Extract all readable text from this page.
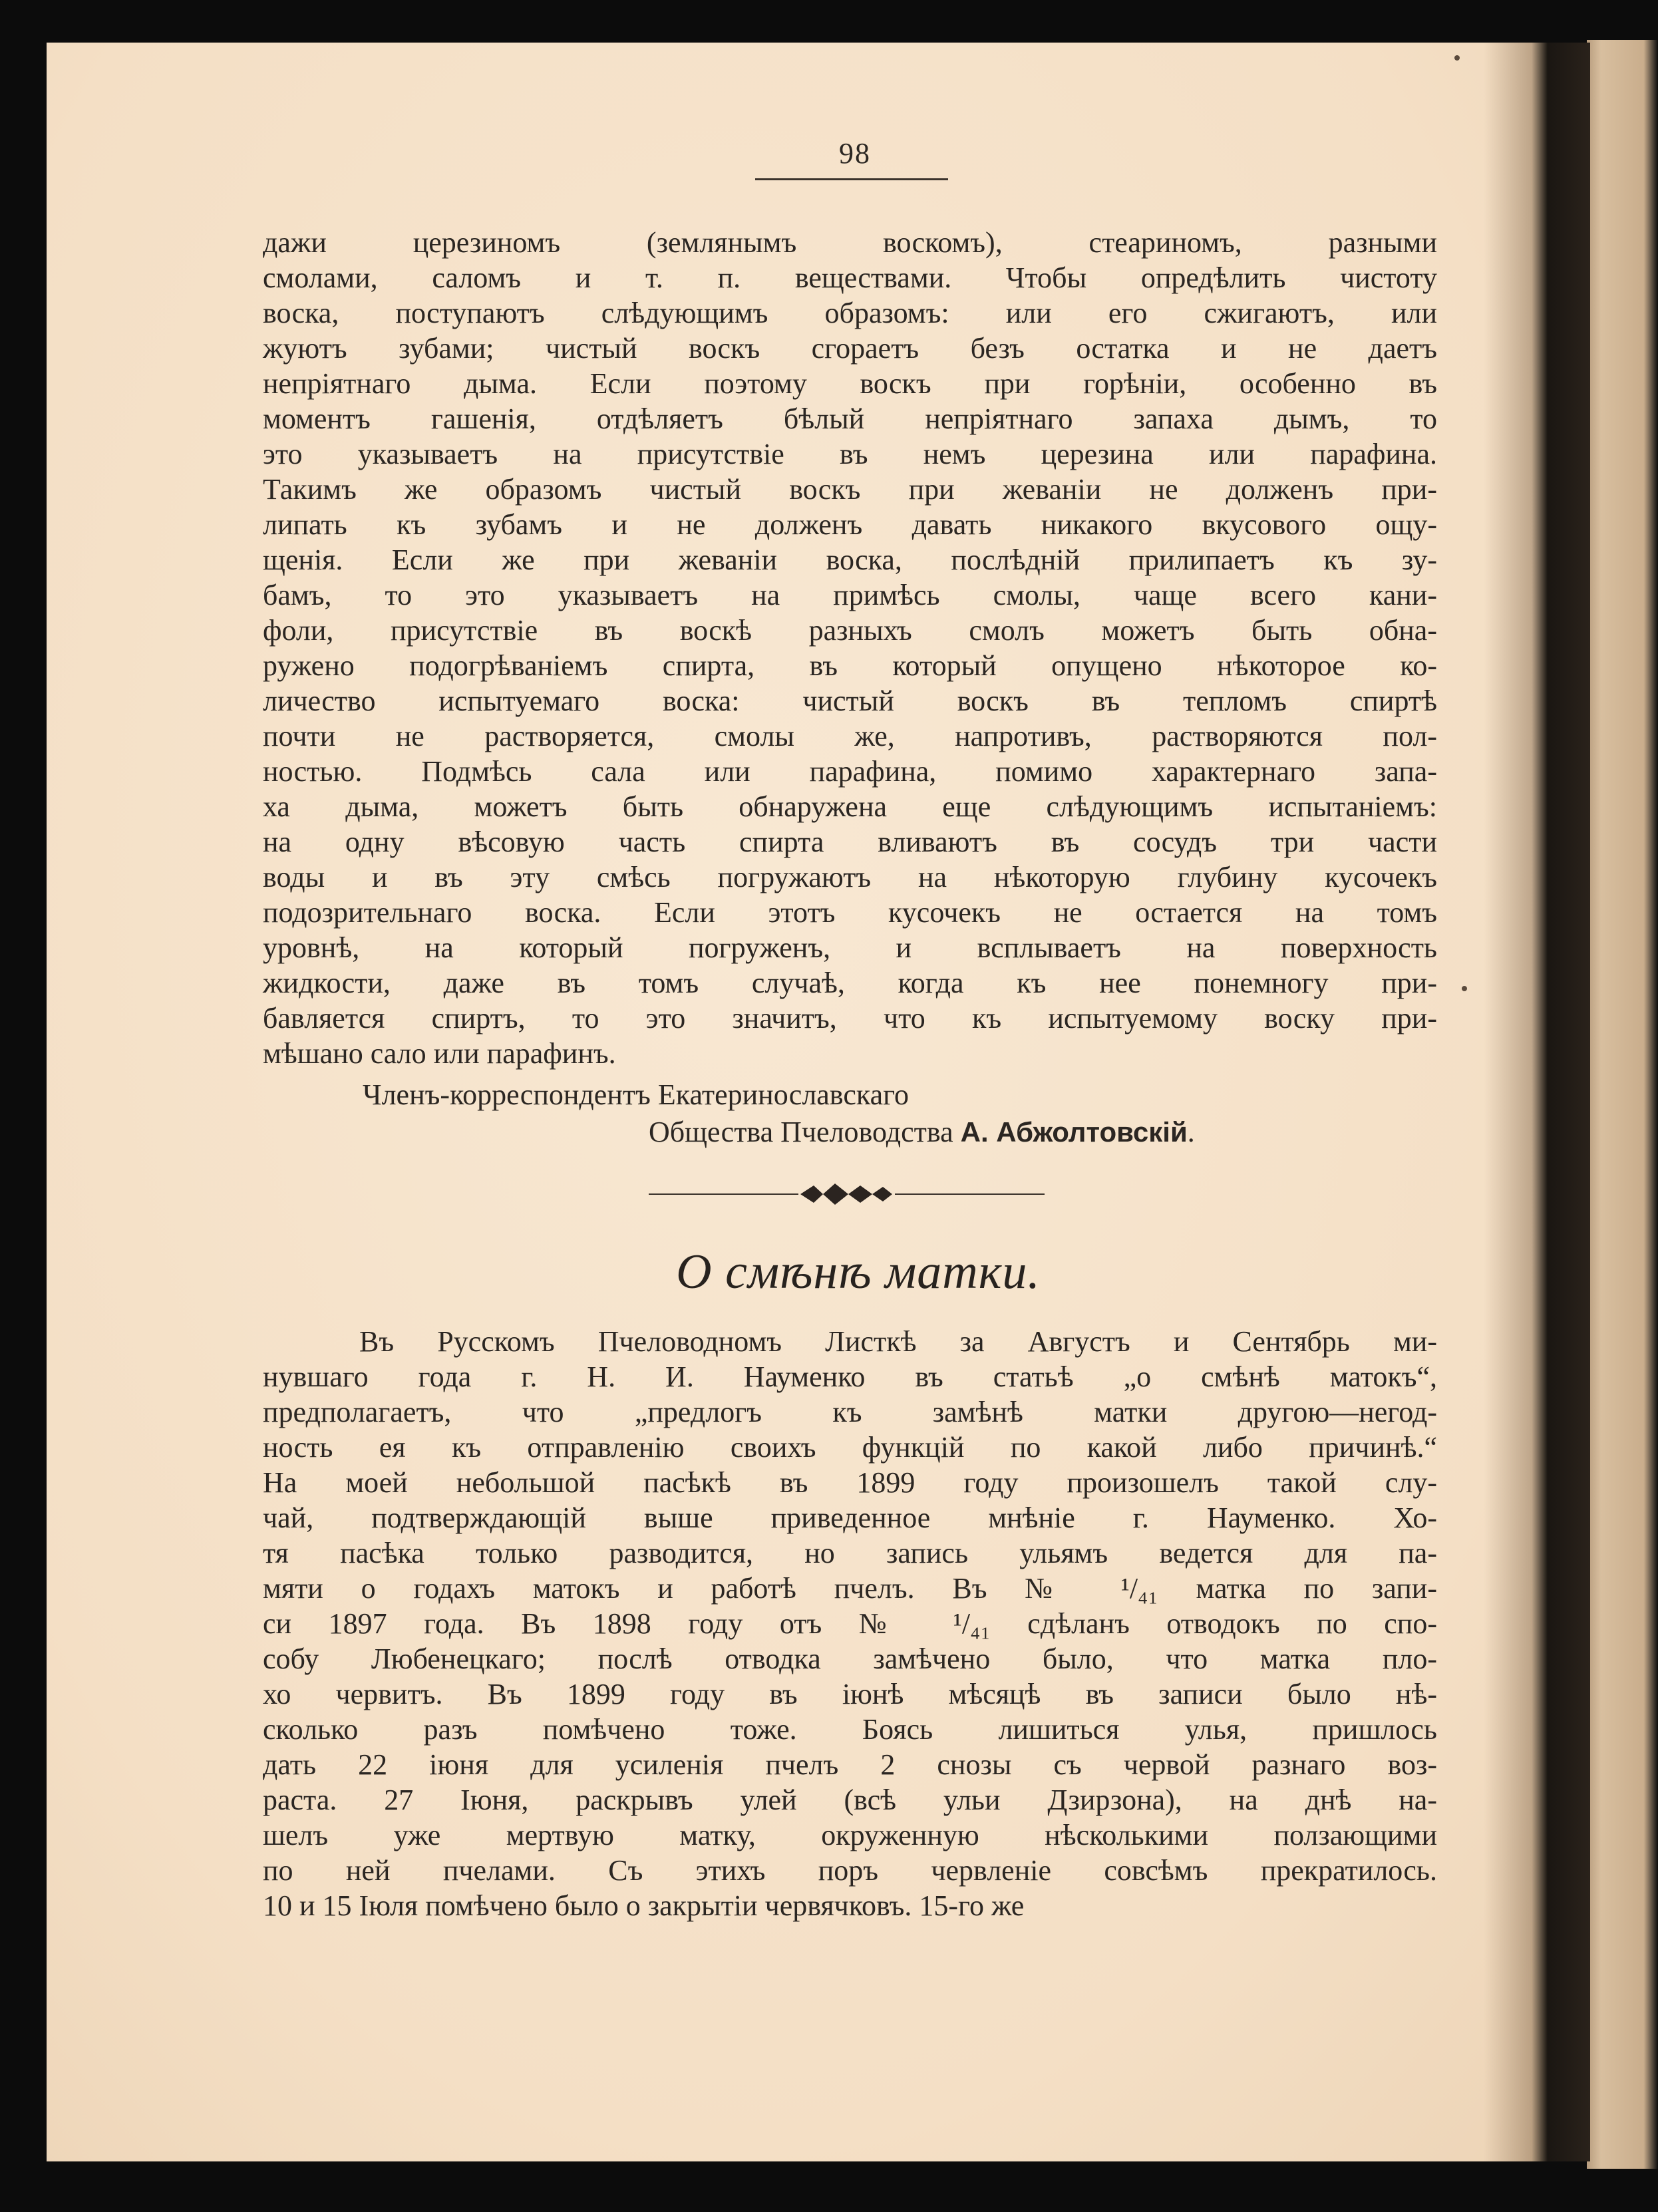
98
дажи церезиномъ (землянымъ воскомъ), стеариномъ, разными
смолами, саломъ и т. п. веществами. Чтобы опредѣлить чистоту
воска, поступаютъ слѣдующимъ образомъ: или его сжигаютъ, или
жуютъ зубами; чистый воскъ сгораетъ безъ остатка и не даетъ
непріятнаго дыма. Если поэтому воскъ при горѣніи, особенно въ
моментъ гашенія, отдѣляетъ бѣлый непріятнаго запаха дымъ, то
это указываетъ на присутствіе въ немъ церезина или парафина.
Такимъ же образомъ чистый воскъ при жеваніи не долженъ при-
липать къ зубамъ и не долженъ давать никакого вкусового ощу-
щенія. Если же при жеваніи воска, послѣдній прилипаетъ къ зу-
бамъ, то это указываетъ на примѣсь смолы, чаще всего кани-
фоли, присутствіе въ воскѣ разныхъ смолъ можетъ быть обна-
ружено подогрѣваніемъ спирта, въ который опущено нѣкоторое ко-
личество испытуемаго воска: чистый воскъ въ тепломъ спиртѣ
почти не растворяется, смолы же, напротивъ, растворяются пол-
ностью. Подмѣсь сала или парафина, помимо характернаго запа-
ха дыма, можетъ быть обнаружена еще слѣдующимъ испытаніемъ:
на одну вѣсовую часть спирта вливаютъ въ сосудъ три части
воды и въ эту смѣсь погружаютъ на нѣкоторую глубину кусочекъ
подозрительнаго воска. Если этотъ кусочекъ не остается на томъ
уровнѣ, на который погруженъ, и всплываетъ на поверхность
жидкости, даже въ томъ случаѣ, когда къ нее понемногу при-
бавляется спиртъ, то это значитъ, что къ испытуемому воску при-
мѣшано сало или парафинъ.
Членъ-корреспондентъ Екатеринославскаго
Общества Пчеловодства А. Абжолтовскій.
О смѣнѣ матки.
Въ Русскомъ Пчеловодномъ Листкѣ за Августъ и Сентябрь ми-
нувшаго года г. Н. И. Науменко въ статьѣ „о смѣнѣ матокъ“,
предполагаетъ, что „предлогъ къ замѣнѣ матки другою—негод-
ность ея къ отправленію своихъ функцій по какой либо причинѣ.“
На моей небольшой пасѣкѣ въ 1899 году произошелъ такой слу-
чай, подтверждающій выше приведенное мнѣніе г. Науменко. Хо-
тя пасѣка только разводится, но запись ульямъ ведется для па-
мяти о годахъ матокъ и работѣ пчелъ. Въ № ¹/₄₁ матка по запи-
си 1897 года. Въ 1898 году отъ № ¹/₄₁ сдѣланъ отводокъ по спо-
собу Любенецкаго; послѣ отводка замѣчено было, что матка пло-
хо червитъ. Въ 1899 году въ іюнѣ мѣсяцѣ въ записи было нѣ-
сколько разъ помѣчено тоже. Боясь лишиться улья, пришлось
дать 22 іюня для усиленія пчелъ 2 снозы съ червой разнаго воз-
раста. 27 Іюня, раскрывъ улей (всѣ ульи Дзирзона), на днѣ на-
шелъ уже мертвую матку, окруженную нѣсколькими ползающими
по ней пчелами. Съ этихъ поръ червленіе совсѣмъ прекратилось.
10 и 15 Іюля помѣчено было о закрытіи червячковъ. 15-го же
